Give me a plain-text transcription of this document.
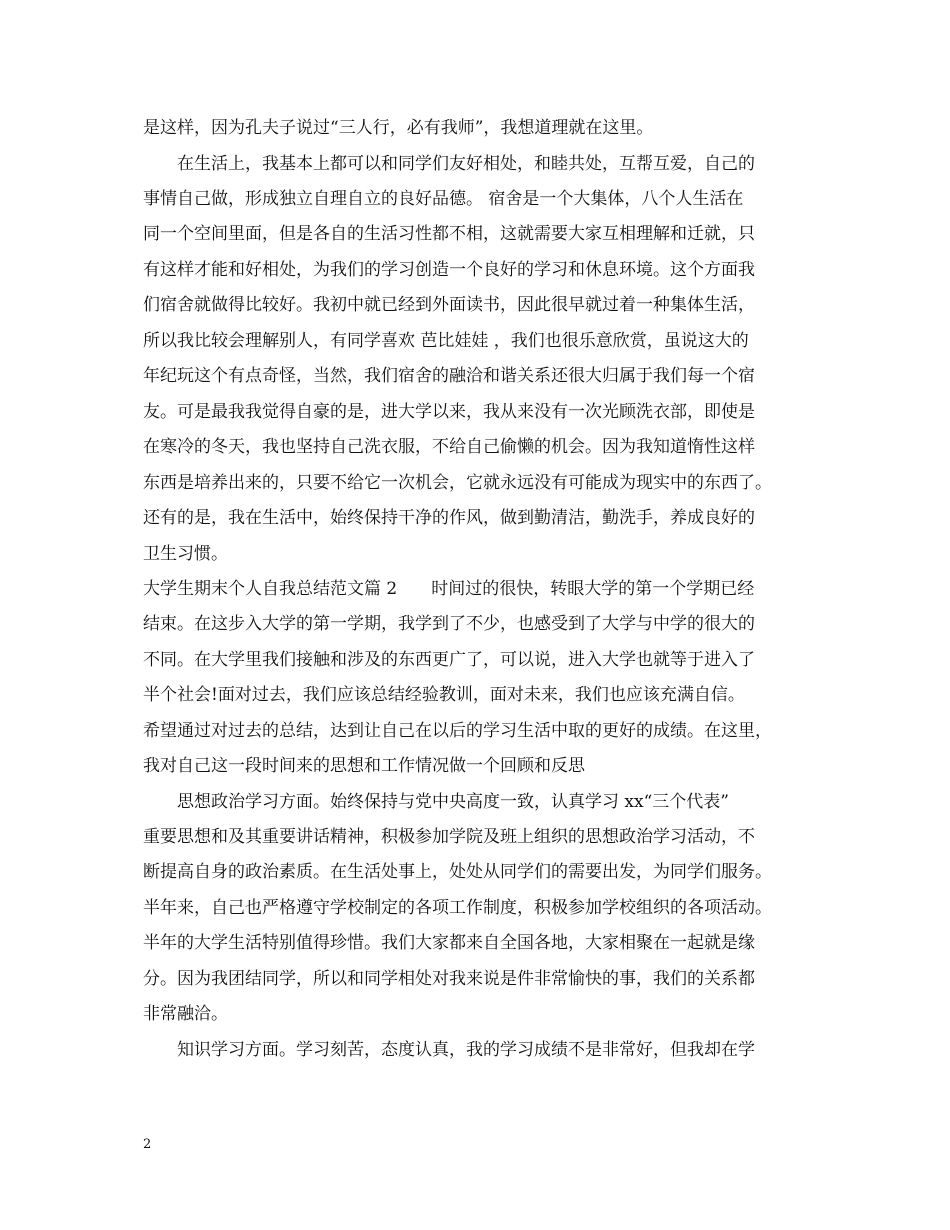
是这样，因为孔夫子说过“三人行，必有我师”，我想道理就在这里。
在生活上，我基本上都可以和同学们友好相处，和睦共处，互帮互爱，自己的
事情自己做，形成独立自理自立的良好品德。 宿舍是一个大集体，八个人生活在
同一个空间里面，但是各自的生活习性都不相，这就需要大家互相理解和迁就，只
有这样才能和好相处，为我们的学习创造一个良好的学习和休息环境。这个方面我
们宿舍就做得比较好。我初中就已经到外面读书，因此很早就过着一种集体生活，
所以我比较会理解别人，有同学喜欢 芭比娃娃 ，我们也很乐意欣赏，虽说这大的
年纪玩这个有点奇怪，当然，我们宿舍的融洽和谐关系还很大归属于我们每一个宿
友。可是最我我觉得自豪的是，进大学以来，我从来没有一次光顾洗衣部，即使是
在寒冷的冬天，我也坚持自己洗衣服，不给自己偷懒的机会。因为我知道惰性这样
东西是培养出来的，只要不给它一次机会，它就永远没有可能成为现实中的东西了。
还有的是，我在生活中，始终保持干净的作风，做到勤清洁，勤洗手，养成良好的
卫生习惯。
大学生期末个人自我总结范文篇 2　　时间过的很快，转眼大学的第一个学期已经
结束。在这步入大学的第一学期，我学到了不少，也感受到了大学与中学的很大的
不同。在大学里我们接触和涉及的东西更广了，可以说，进入大学也就等于进入了
半个社会!面对过去，我们应该总结经验教训，面对未来，我们也应该充满自信。
希望通过对过去的总结，达到让自己在以后的学习生活中取的更好的成绩。在这里，
我对自己这一段时间来的思想和工作情况做一个回顾和反思
思想政治学习方面。始终保持与党中央高度一致，认真学习 xx“三个代表”
重要思想和及其重要讲话精神，积极参加学院及班上组织的思想政治学习活动，不
断提高自身的政治素质。在生活处事上，处处从同学们的需要出发，为同学们服务。
半年来，自己也严格遵守学校制定的各项工作制度，积极参加学校组织的各项活动。
半年的大学生活特别值得珍惜。我们大家都来自全国各地，大家相聚在一起就是缘
分。因为我团结同学，所以和同学相处对我来说是件非常愉快的事，我们的关系都
非常融洽。
知识学习方面。学习刻苦，态度认真，我的学习成绩不是非常好，但我却在学
2
